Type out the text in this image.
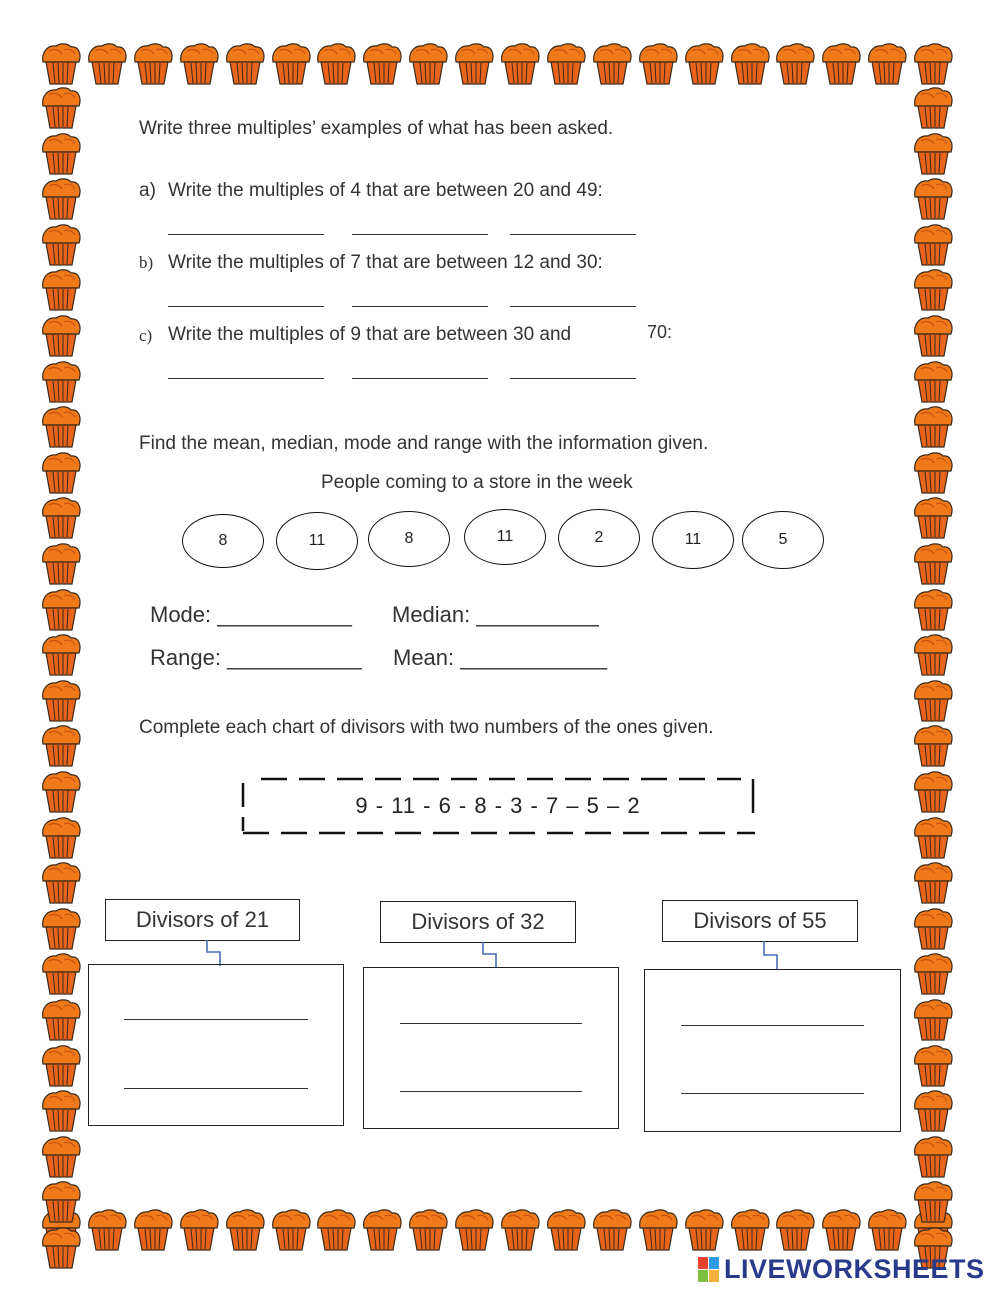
Write three multiples’ examples of what has been asked.
a) Write the multiples of 4 that are between 20 and 49:
b) Write the multiples of 7 that are between 12 and 30:
c) Write the multiples of 9 that are between 30 and	70:
Find the mean, median, mode and range with the information given.
People coming to a store in the week
8	11	8	11	2	11	5
Mode: ___________ Median: __________
Range: ___________ Mean: ____________
Complete each chart of divisors with two numbers of the ones given.
9 - 11 - 6 - 8 - 3 - 7 – 5 – 2
Divisors of 21	Divisors of 32	Divisors of 55
LIVEWORKSHEETS
